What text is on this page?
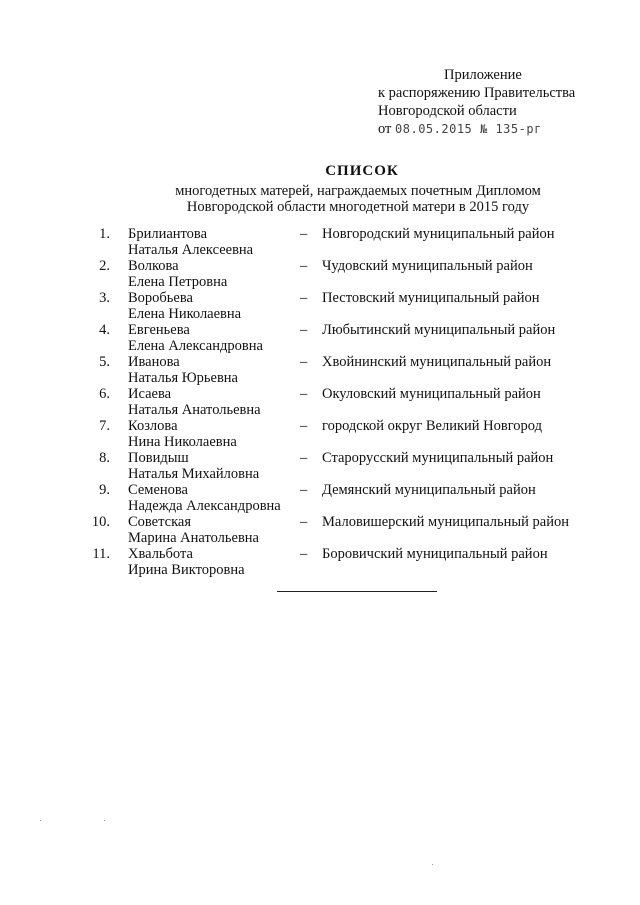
Приложение
к распоряжению Правительства
Новгородской области
от 08.05.2015 № 135-рг
СПИСОК
многодетных матерей, награждаемых почетным Дипломом
Новгородской области многодетной матери в 2015 году
1. Брилиантова
Наталья Алексеевна
– Новгородский муниципальный район
2. Волкова
Елена Петровна
– Чудовский муниципальный район
3. Воробьева
Елена Николаевна
– Пестовский муниципальный район
4. Евгеньева
Елена Александровна
– Любытинский муниципальный район
5. Иванова
Наталья Юрьевна
– Хвойнинский муниципальный район
6. Исаева
Наталья Анатольевна
– Окуловский муниципальный район
7. Козлова
Нина Николаевна
– городской округ Великий Новгород
8. Повидыш
Наталья Михайловна
– Старорусский муниципальный район
9. Семенова
Надежда Александровна
– Демянский муниципальный район
10. Советская
Марина Анатольевна
– Маловишерский муниципальный район
11. Хвальбота
Ирина Викторовна
– Боровичский муниципальный район
